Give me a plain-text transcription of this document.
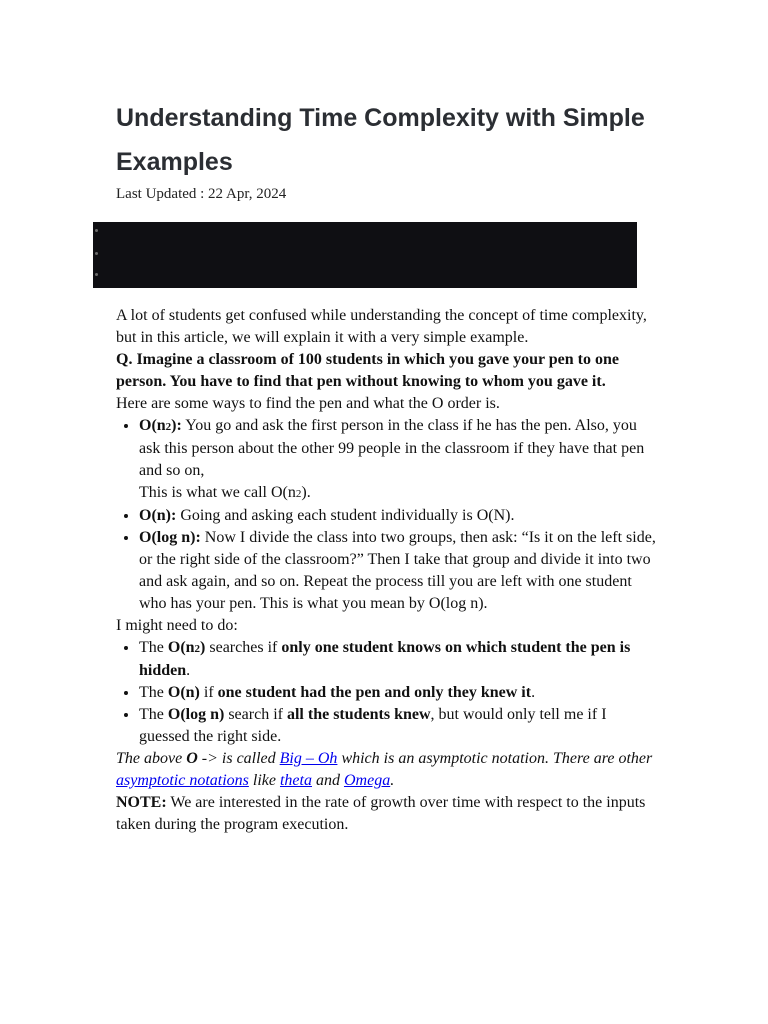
Understanding Time Complexity with Simple Examples
Last Updated : 22 Apr, 2024

A lot of students get confused while understanding the concept of time complexity, but in this article, we will explain it with a very simple example.

Q. Imagine a classroom of 100 students in which you gave your pen to one person. You have to find that pen without knowing to whom you gave it.

Here are some ways to find the pen and what the O order is.

• O(n2): You go and ask the first person in the class if he has the pen. Also, you ask this person about the other 99 people in the classroom if they have that pen and so on,
This is what we call O(n2).
• O(n): Going and asking each student individually is O(N).
• O(log n): Now I divide the class into two groups, then ask: “Is it on the left side, or the right side of the classroom?” Then I take that group and divide it into two and ask again, and so on. Repeat the process till you are left with one student who has your pen. This is what you mean by O(log n).

I might need to do:

• The O(n2) searches if only one student knows on which student the pen is hidden.
• The O(n) if one student had the pen and only they knew it.
• The O(log n) search if all the students knew, but would only tell me if I guessed the right side.

The above O -> is called Big – Oh which is an asymptotic notation. There are other asymptotic notations like theta and Omega.

NOTE: We are interested in the rate of growth over time with respect to the inputs taken during the program execution.
